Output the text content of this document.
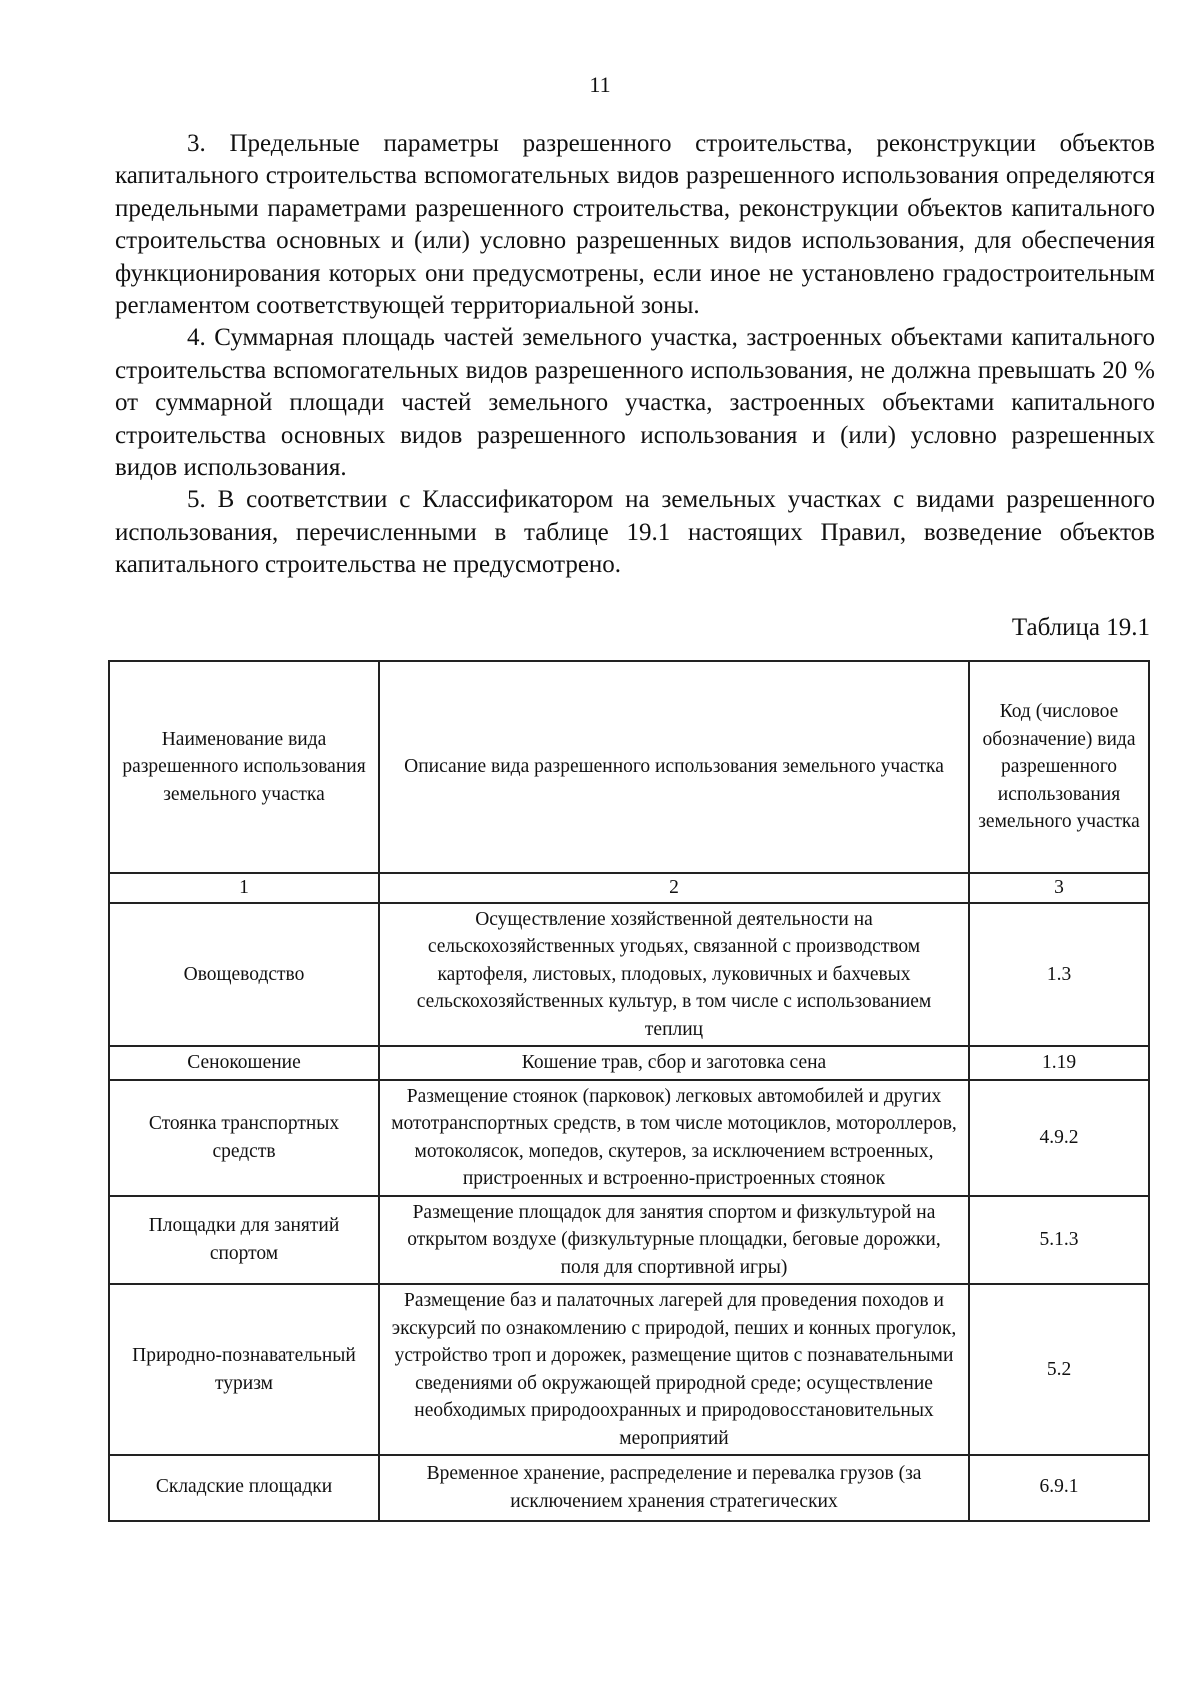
11

3. Предельные параметры разрешенного строительства, реконструкции объектов капитального строительства вспомогательных видов разрешенного использования определяются предельными параметрами разрешенного строительства, реконструкции объектов капитального строительства основных и (или) условно разрешенных видов использования, для обеспечения функционирования которых они предусмотрены, если иное не установлено градостроительным регламентом соответствующей территориальной зоны.

4. Суммарная площадь частей земельного участка, застроенных объектами капитального строительства вспомогательных видов разрешенного использования, не должна превышать 20 % от суммарной площади частей земельного участка, застроенных объектами капитального строительства основных видов разрешенного использования и (или) условно разрешенных видов использования.

5. В соответствии с Классификатором на земельных участках с видами разрешенного использования, перечисленными в таблице 19.1 настоящих Правил, возведение объектов капитального строительства не предусмотрено.

Таблица 19.1
Наименование вида разрешенного использования земельного участка	Описание вида разрешенного использования земельного участка	Код (числовое обозначение) вида разрешенного использования земельного участка
1	2	3
Овощеводство	Осуществление хозяйственной деятельности на сельскохозяйственных угодьях, связанной с производством картофеля, листовых, плодовых, луковичных и бахчевых сельскохозяйственных культур, в том числе с использованием теплиц	1.3
Сенокошение	Кошение трав, сбор и заготовка сена	1.19
Стоянка транспортных средств	Размещение стоянок (парковок) легковых автомобилей и других мототранспортных средств, в том числе мотоциклов, мотороллеров, мотоколясок, мопедов, скутеров, за исключением встроенных, пристроенных и встроенно-пристроенных стоянок	4.9.2
Площадки для занятий спортом	Размещение площадок для занятия спортом и физкультурой на открытом воздухе (физкультурные площадки, беговые дорожки, поля для спортивной игры)	5.1.3
Природно-познавательный туризм	Размещение баз и палаточных лагерей для проведения походов и экскурсий по ознакомлению с природой, пеших и конных прогулок, устройство троп и дорожек, размещение щитов с познавательными сведениями об окружающей природной среде; осуществление необходимых природоохранных и природовосстановительных мероприятий	5.2
Складские площадки	Временное хранение, распределение и перевалка грузов (за исключением хранения стратегических	6.9.1
